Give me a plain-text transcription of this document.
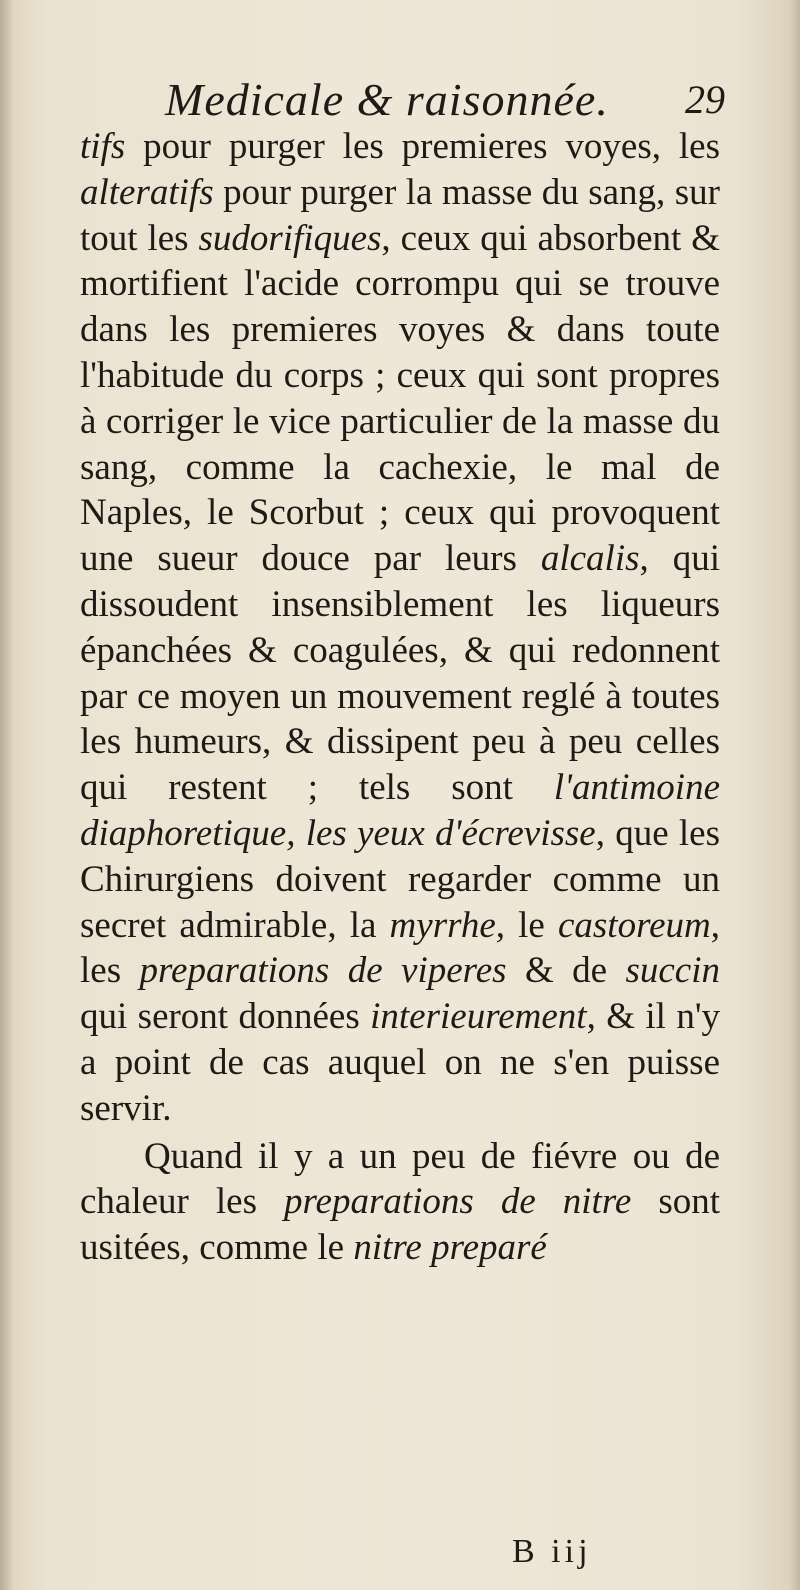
Medicale & raisonnée. 29

tifs pour purger les premieres voyes, les alteratifs pour purger la masse du sang, sur tout les sudorifiques, ceux qui absorbent & mortifient l'acide corrompu qui se trouve dans les premieres voyes & dans toute l'habitude du corps ; ceux qui sont propres à corriger le vice particulier de la masse du sang, comme la cachexie, le mal de Naples, le Scorbut ; ceux qui provoquent une sueur douce par leurs alcalis, qui dissoudent insensiblement les liqueurs épanchées & coagulées, & qui redonnent par ce moyen un mouvement reglé à toutes les humeurs, & dissipent peu à peu celles qui restent ; tels sont l'antimoine diaphoretique, les yeux d'écrevisse, que les Chirurgiens doivent regarder comme un secret admirable, la myrrhe, le castoreum, les preparations de viperes & de succin qui seront données interieurement, & il n'y a point de cas auquel on ne s'en puisse servir.

Quand il y a un peu de fiévre ou de chaleur les preparations de nitre sont usitées, comme le nitre preparé

B iij
